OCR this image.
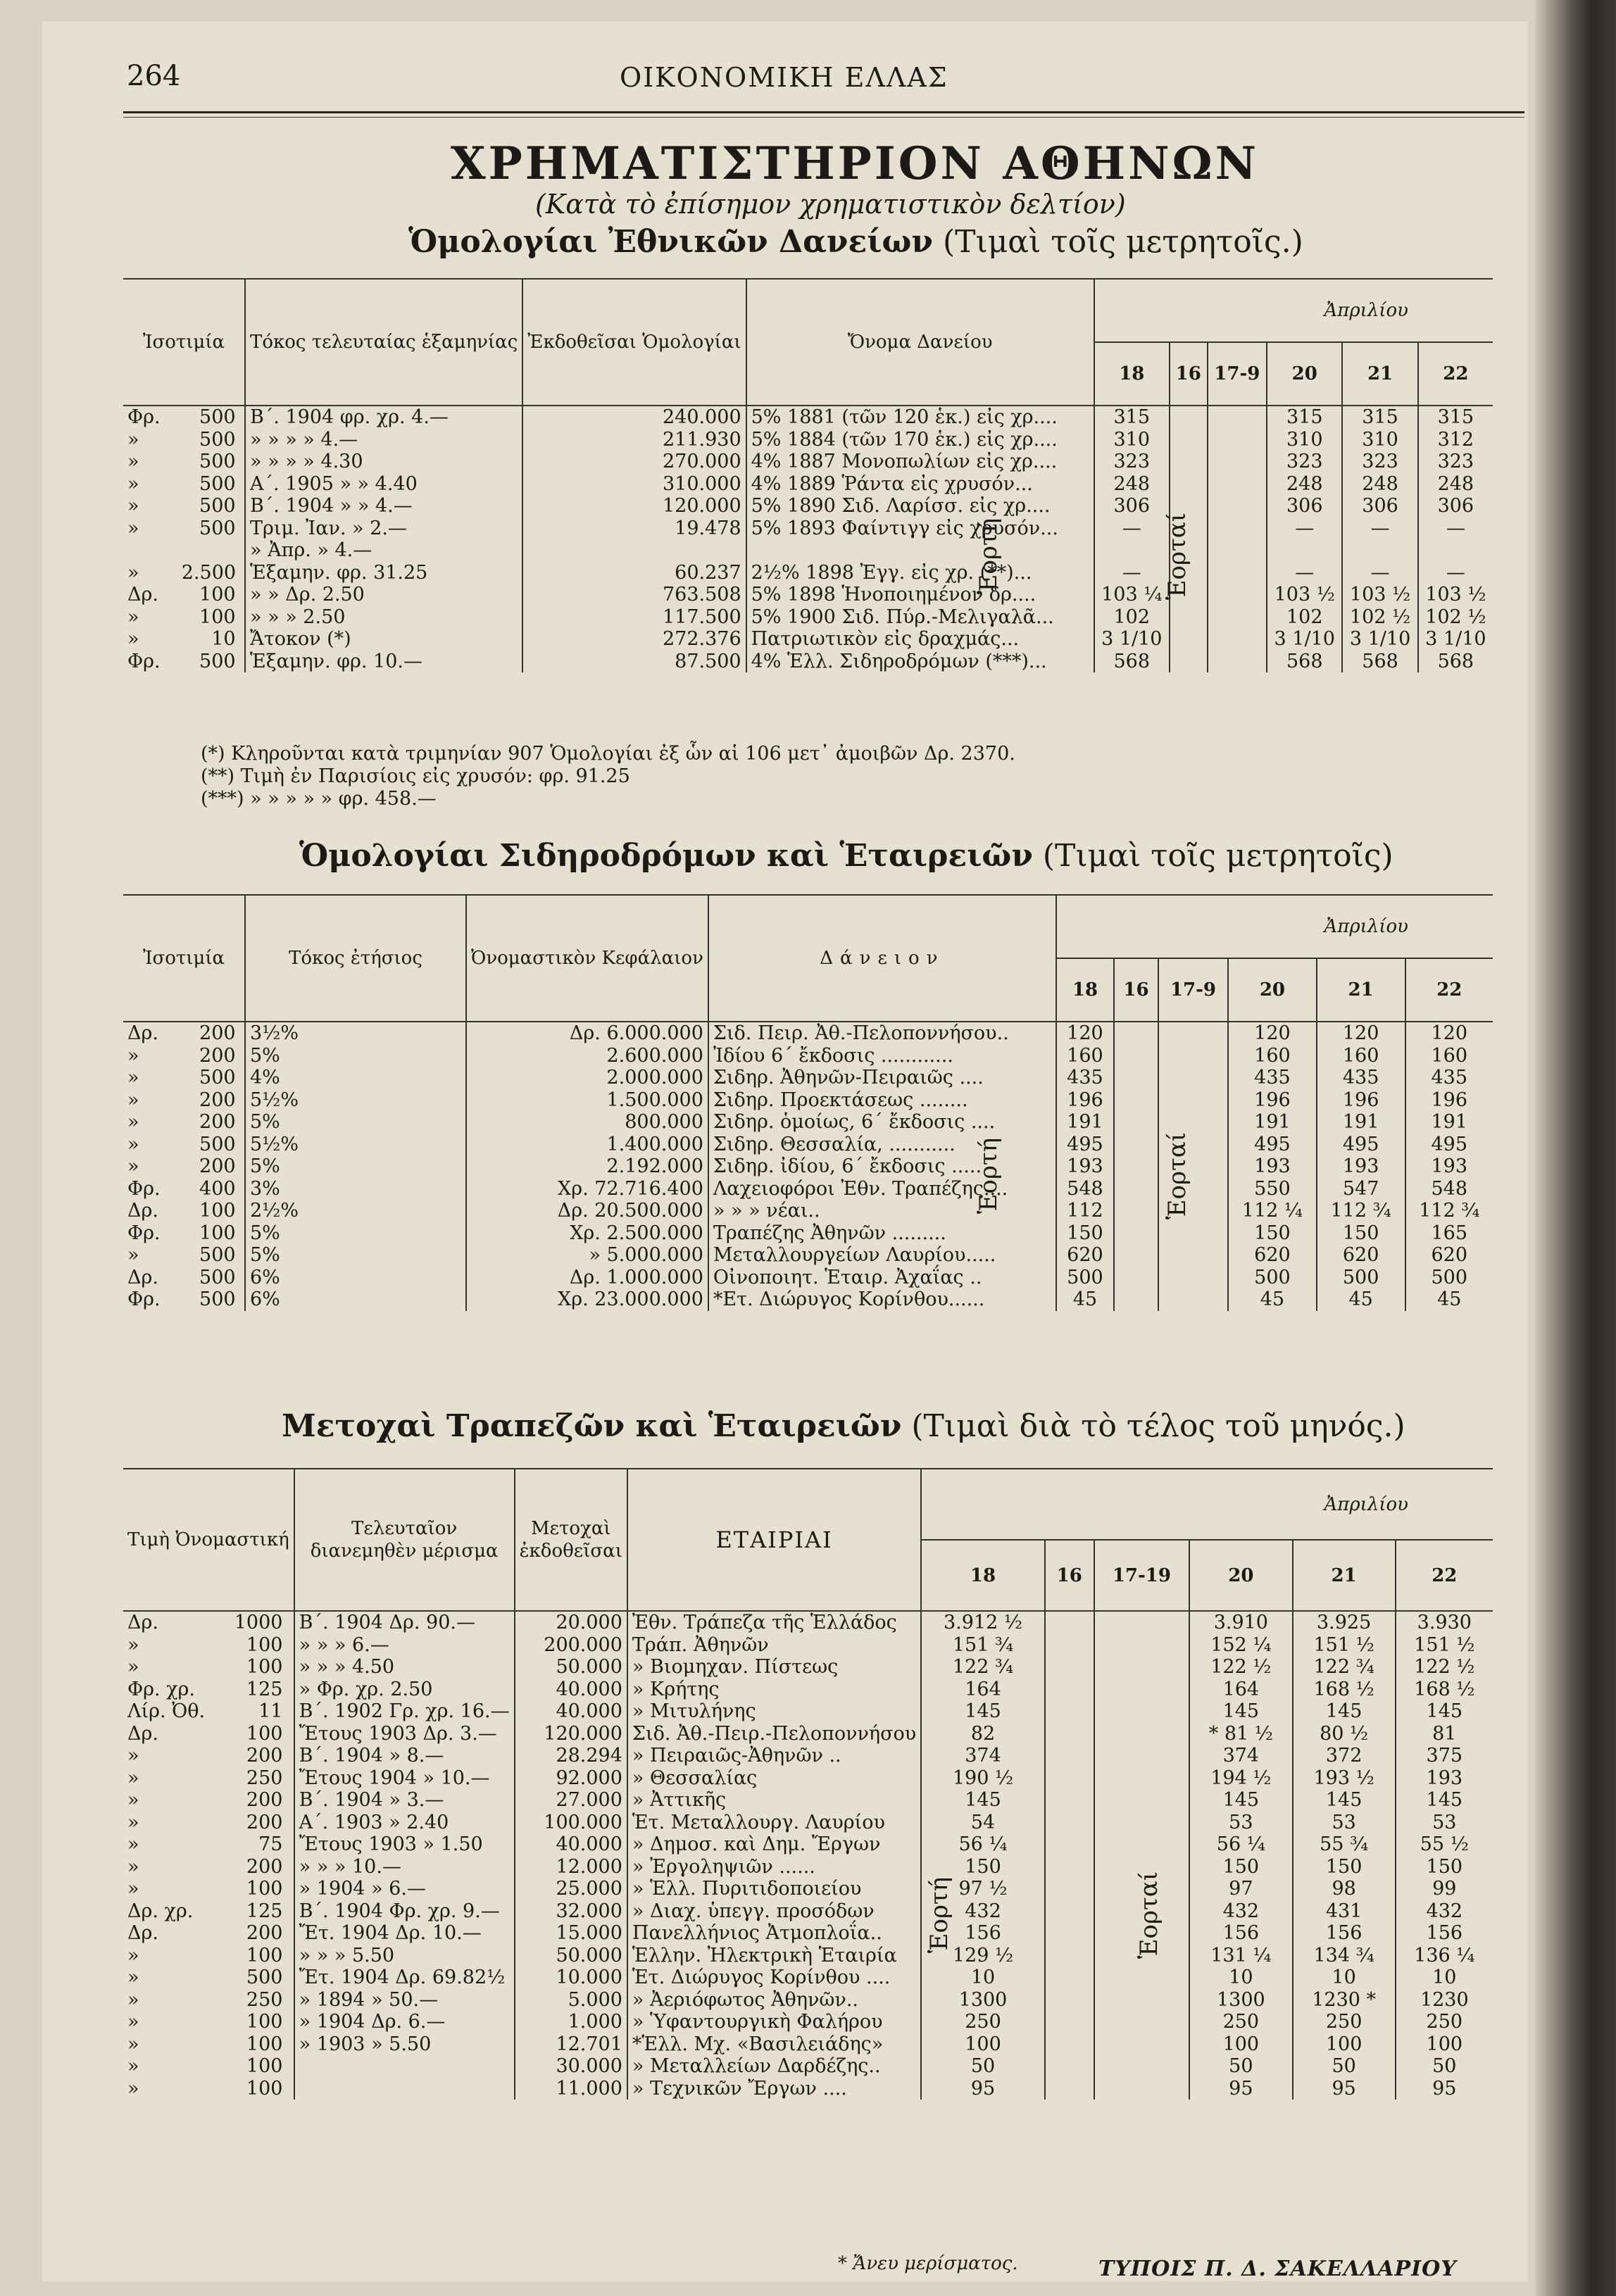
264	ΟΙΚΟΝΟΜΙΚΗ ΕΛΛΑΣ
ΧΡΗΜΑΤΙΣΤΗΡΙΟΝ ΑΘΗΝΩΝ
(Κατὰ τὸ ἐπίσημον χρηματιστικὸν δελτίον)
Ὁμολογίαι Ἐθνικῶν Δανείων (Τιμαὶ τοῖς μετρητοῖς.)
Ἰσοτιμία	Τόκος τελευταίας ἑξαμηνίας	Ἐκδοθεῖσαι Ὁμολογίαι	Ὄνομα Δανείου	Ἀπριλίου					
				18	16	17-9	20	21	22
Φρ. 500	Β΄. 1904 φρ. χρ. 4.—	240.000	5% 1881 (τῶν 120 ἑκ.) εἰς χρ....	315			315	315	315
» 500	» » » » 4.—	211.930	5% 1884 (τῶν 170 ἑκ.) εἰς χρ....	310			310	310	312
» 500	» » » » 4.30	270.000	4% 1887 Μονοπωλίων εἰς χρ....	323			323	323	323
» 500	Α΄. 1905 » » 4.40	310.000	4% 1889 Ῥάντα εἰς χρυσόν...	248			248	248	248
» 500	Β΄. 1904 » » 4.—	120.000	5% 1890 Σιδ. Λαρίσσ. εἰς χρ....	306			306	306	306
» 500	Τριμ. Ἰαν. » 2.—	19.478	5% 1893 Φαίντιγγ εἰς χρυσόν...	—			—	—	—
	» Ἀπρ. » 4.—								
» 2.500	Ἑξαμην. φρ. 31.25	60.237	2½% 1898 Ἐγγ. εἰς χρ. (**)...	—			—	—	—
Δρ. 100	» » Δρ. 2.50	763.508	5% 1898 Ἡνοποιημένον δρ....	103 ¼			103 ½	103 ½	103 ½
» 100	» » » 2.50	117.500	5% 1900 Σιδ. Πύρ.-Μελιγαλᾶ...	102			102	102 ½	102 ½
» 10	Ἄτοκον (*)	272.376	Πατριωτικὸν εἰς δραχμάς...	3 1/10			3 1/10	3 1/10	3 1/10
Φρ. 500	Ἑξαμην. φρ. 10.—	87.500	4% Ἑλλ. Σιδηροδρόμων (***)...	568			568	568	568
Ἑορτή	Ἑορταί
(*) Κληροῦνται κατὰ τριμηνίαν 907 Ὁμολογίαι ἐξ ὧν αἱ 106 μετ᾿ ἀμοιβῶν Δρ. 2370.
(**) Τιμὴ ἐν Παρισίοις εἰς χρυσόν: φρ. 91.25
(***) » » » » » φρ. 458.—
Ὁμολογίαι Σιδηροδρόμων καὶ Ἑταιρειῶν (Τιμαὶ τοῖς μετρητοῖς)
Ἰσοτιμία	Τόκος ἐτήσιος	Ὀνομαστικὸν Κεφάλαιον	Δάνειον	Ἀπριλίου					
				18	16	17-9	20	21	22
Δρ. 200	3½%	Δρ. 6.000.000	Σιδ. Πειρ. Ἀθ.-Πελοποννήσου..	120			120	120	120
» 200	5%	2.600.000	Ἰδίου 6΄ ἔκδοσις ............	160			160	160	160
» 500	4%	2.000.000	Σιδηρ. Ἀθηνῶν-Πειραιῶς ....	435			435	435	435
» 200	5½%	1.500.000	Σιδηρ. Προεκτάσεως ........	196			196	196	196
» 200	5%	800.000	Σιδηρ. ὁμοίως, 6΄ ἔκδοσις ....	191			191	191	191
» 500	5½%	1.400.000	Σιδηρ. Θεσσαλία, ...........	495			495	495	495
» 200	5%	2.192.000	Σιδηρ. ἰδίου, 6΄ ἔκδοσις .....	193			193	193	193
Φρ. 400	3%	Χρ. 72.716.400	Λαχειοφόροι Ἐθν. Τραπέζης....	548			550	547	548
Δρ. 100	2½%	Δρ. 20.500.000	» » » νέαι..	112			112 ¼	112 ¾	112 ¾
Φρ. 100	5%	Χρ. 2.500.000	Τραπέζης Ἀθηνῶν .........	150			150	150	165
» 500	5%	» 5.000.000	Μεταλλουργείων Λαυρίου.....	620			620	620	620
Δρ. 500	6%	Δρ. 1.000.000	Οἰνοποιητ. Ἑταιρ. Ἀχαΐας ..	500			500	500	500
Φρ. 500	6%	Χρ. 23.000.000	*Ετ. Διώρυγος Κορίνθου......	45			45	45	45
Ἑορτή	Ἑορταί
Μετοχαὶ Τραπεζῶν καὶ Ἑταιρειῶν (Τιμαὶ διὰ τὸ τέλος τοῦ μηνός.)
Τιμὴ Ὀνομαστική	Τελευταῖον διανεμηθὲν μέρισμα	Μετοχαὶ ἐκδοθεῖσαι	ΕΤΑΙΡΙΑΙ	Ἀπριλίου					
				18	16	17-19	20	21	22
Δρ. 1000	Β΄. 1904 Δρ. 90.—	20.000	Ἐθν. Τράπεζα τῆς Ἑλλάδος	3.912 ½			3.910	3.925	3.930
» 100	» » » 6.—	200.000	Τράπ. Ἀθηνῶν	151 ¾			152 ¼	151 ½	151 ½
» 100	» » » 4.50	50.000	» Βιομηχαν. Πίστεως	122 ¾			122 ½	122 ¾	122 ½
Φρ. χρ. 125	» Φρ. χρ. 2.50	40.000	» Κρήτης	164			164	168 ½	168 ½
Λίρ. Ὀθ. 11	Β΄. 1902 Γρ. χρ. 16.—	40.000	» Μιτυλήνης	145			145	145	145
Δρ. 100	Ἔτους 1903 Δρ. 3.—	120.000	Σιδ. Ἀθ.-Πειρ.-Πελοποννήσου	82			* 81 ½	80 ½	81
» 200	Β΄. 1904 » 8.—	28.294	» Πειραιῶς-Ἀθηνῶν ..	374			374	372	375
» 250	Ἔτους 1904 » 10.—	92.000	» Θεσσαλίας	190 ½			194 ½	193 ½	193
» 200	Β΄. 1904 » 3.—	27.000	» Ἀττικῆς	145			145	145	145
» 200	Α΄. 1903 » 2.40	100.000	Ἑτ. Μεταλλουργ. Λαυρίου	54			53	53	53
» 75	Ἔτους 1903 » 1.50	40.000	» Δημοσ. καὶ Δημ. Ἔργων	56 ¼			56 ¼	55 ¾	55 ½
» 200	» » » 10.—	12.000	» Ἐργοληψιῶν ......	150			150	150	150
» 100	» 1904 » 6.—	25.000	» Ἑλλ. Πυριτιδοποιείου	97 ½			97	98	99
Δρ. χρ. 125	Β΄. 1904 Φρ. χρ. 9.—	32.000	» Διαχ. ὑπεγγ. προσόδων	432			432	431	432
Δρ. 200	Ἔτ. 1904 Δρ. 10.—	15.000	Πανελλήνιος Ἀτμοπλοΐα..	156			156	156	156
» 100	» » » 5.50	50.000	Ἑλλην. Ἠλεκτρικὴ Ἑταιρία	129 ½			131 ¼	134 ¾	136 ¼
» 500	Ἔτ. 1904 Δρ. 69.82½	10.000	Ἑτ. Διώρυγος Κορίνθου ....	10			10	10	10
» 250	» 1894 » 50.—	5.000	» Ἀεριόφωτος Ἀθηνῶν..	1300			1300	1230 *	1230
» 100	» 1904 Δρ. 6.—	1.000	» Ὑφαντουργικὴ Φαλήρου	250			250	250	250
» 100	» 1903 » 5.50	12.701	*Ἑλλ. Μχ. «Βασιλειάδης»	100			100	100	100
» 100		30.000	» Μεταλλείων Δαρδέζης..	50			50	50	50
» 100		11.000	» Τεχνικῶν Ἔργων ....	95			95	95	95
Ἑορτή	Ἑορταί
* Ἄνευ μερίσματος.	ΤΥΠΟΙΣ Π. Δ. ΣΑΚΕΛΛΑΡΙΟΥ
